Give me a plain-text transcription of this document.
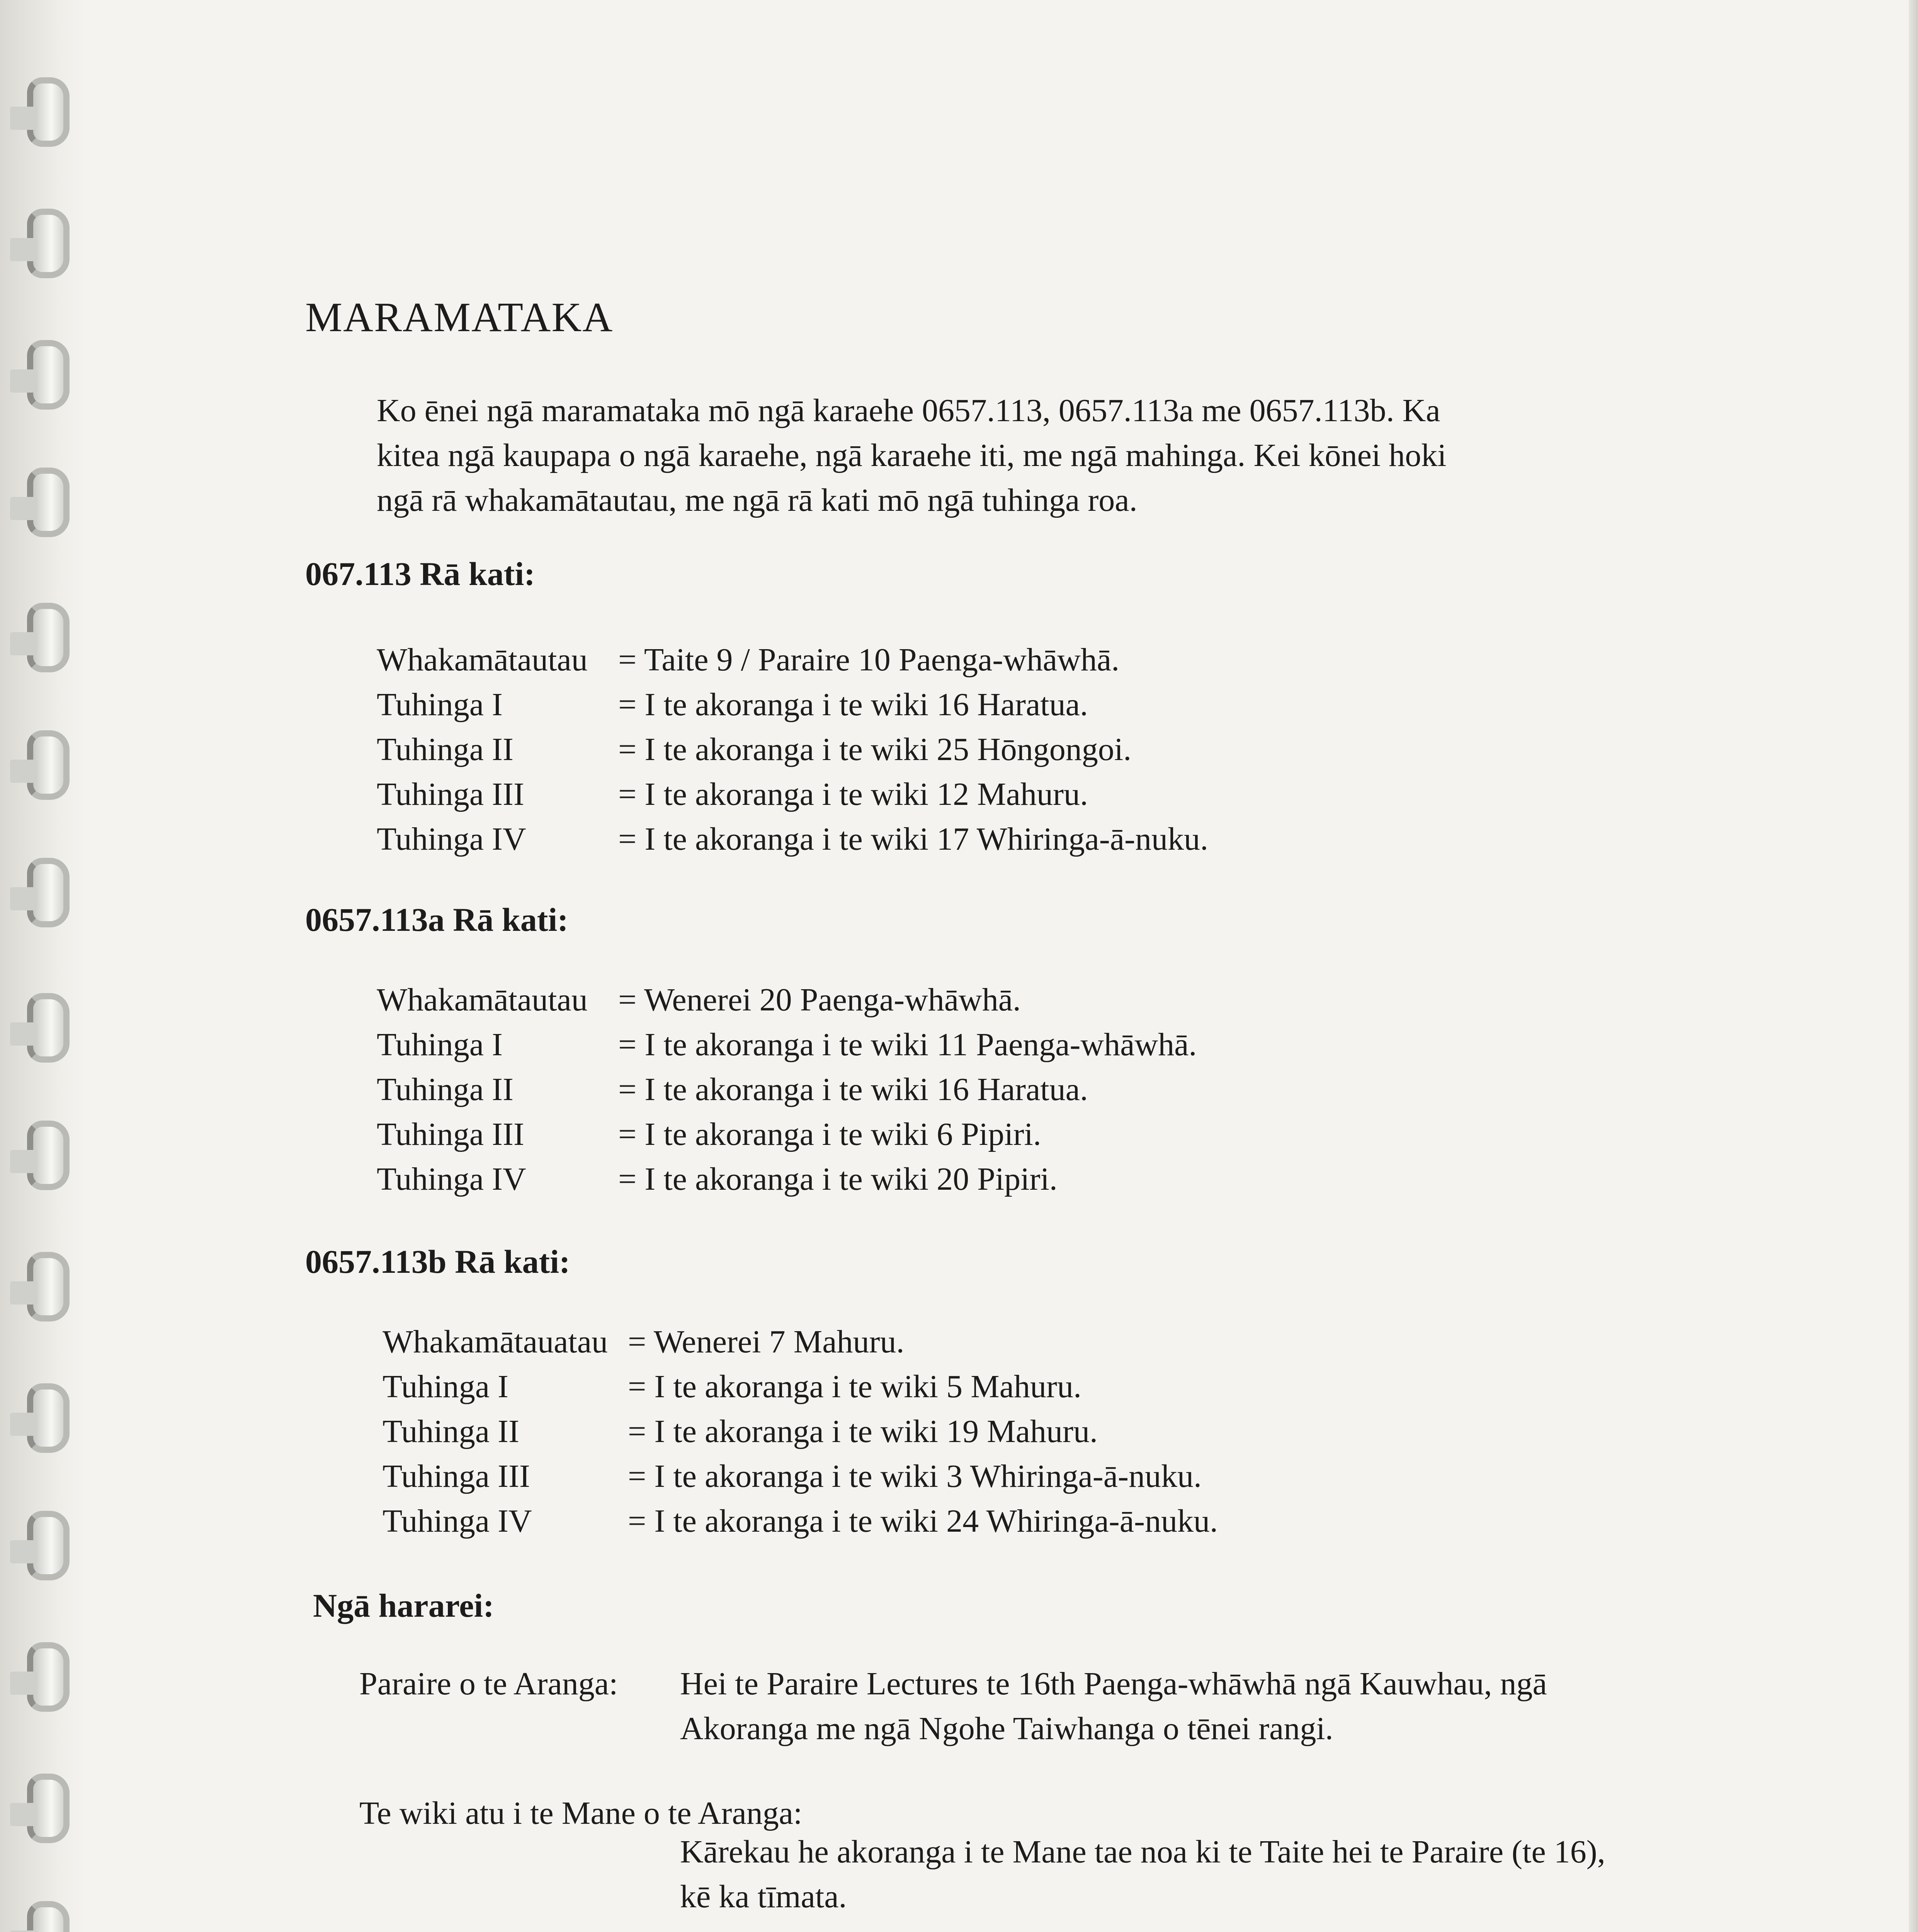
MARAMATAKA
Ko ēnei ngā maramataka mō ngā karaehe 0657.113, 0657.113a me 0657.113b. Ka
kitea ngā kaupapa o ngā karaehe, ngā karaehe iti, me ngā mahinga. Kei kōnei hoki
ngā rā whakamātautau, me ngā rā kati mō ngā tuhinga roa.
067.113 Rā kati:
Whakamātautau = Taite 9 / Paraire 10 Paenga-whāwhā.
Tuhinga I	= I te akoranga i te wiki 16 Haratua.
Tuhinga II	= I te akoranga i te wiki 25 Hōngongoi.
Tuhinga III	= I te akoranga i te wiki 12 Mahuru.
Tuhinga IV	= I te akoranga i te wiki 17 Whiringa-ā-nuku.
0657.113a Rā kati:
Whakamātautau = Wenerei 20 Paenga-whāwhā.
Tuhinga I	= I te akoranga i te wiki 11 Paenga-whāwhā.
Tuhinga II	= I te akoranga i te wiki 16 Haratua.
Tuhinga III	= I te akoranga i te wiki 6 Pipiri.
Tuhinga IV	= I te akoranga i te wiki 20 Pipiri.
0657.113b Rā kati:
Whakamātauatau = Wenerei 7 Mahuru.
Tuhinga I	= I te akoranga i te wiki 5 Mahuru.
Tuhinga II	= I te akoranga i te wiki 19 Mahuru.
Tuhinga III	= I te akoranga i te wiki 3 Whiringa-ā-nuku.
Tuhinga IV	= I te akoranga i te wiki 24 Whiringa-ā-nuku.
Ngā hararei:
Paraire o te Aranga: Hei te Paraire Lectures te 16th Paenga-whāwhā ngā Kauwhau, ngā Akoranga me ngā Ngohe Taiwhanga o tēnei rangi.
Te wiki atu i te Mane o te Aranga:
Kārekau he akoranga i te Mane tae noa ki te Taite hei te Paraire (te 16), kē ka tīmata.
